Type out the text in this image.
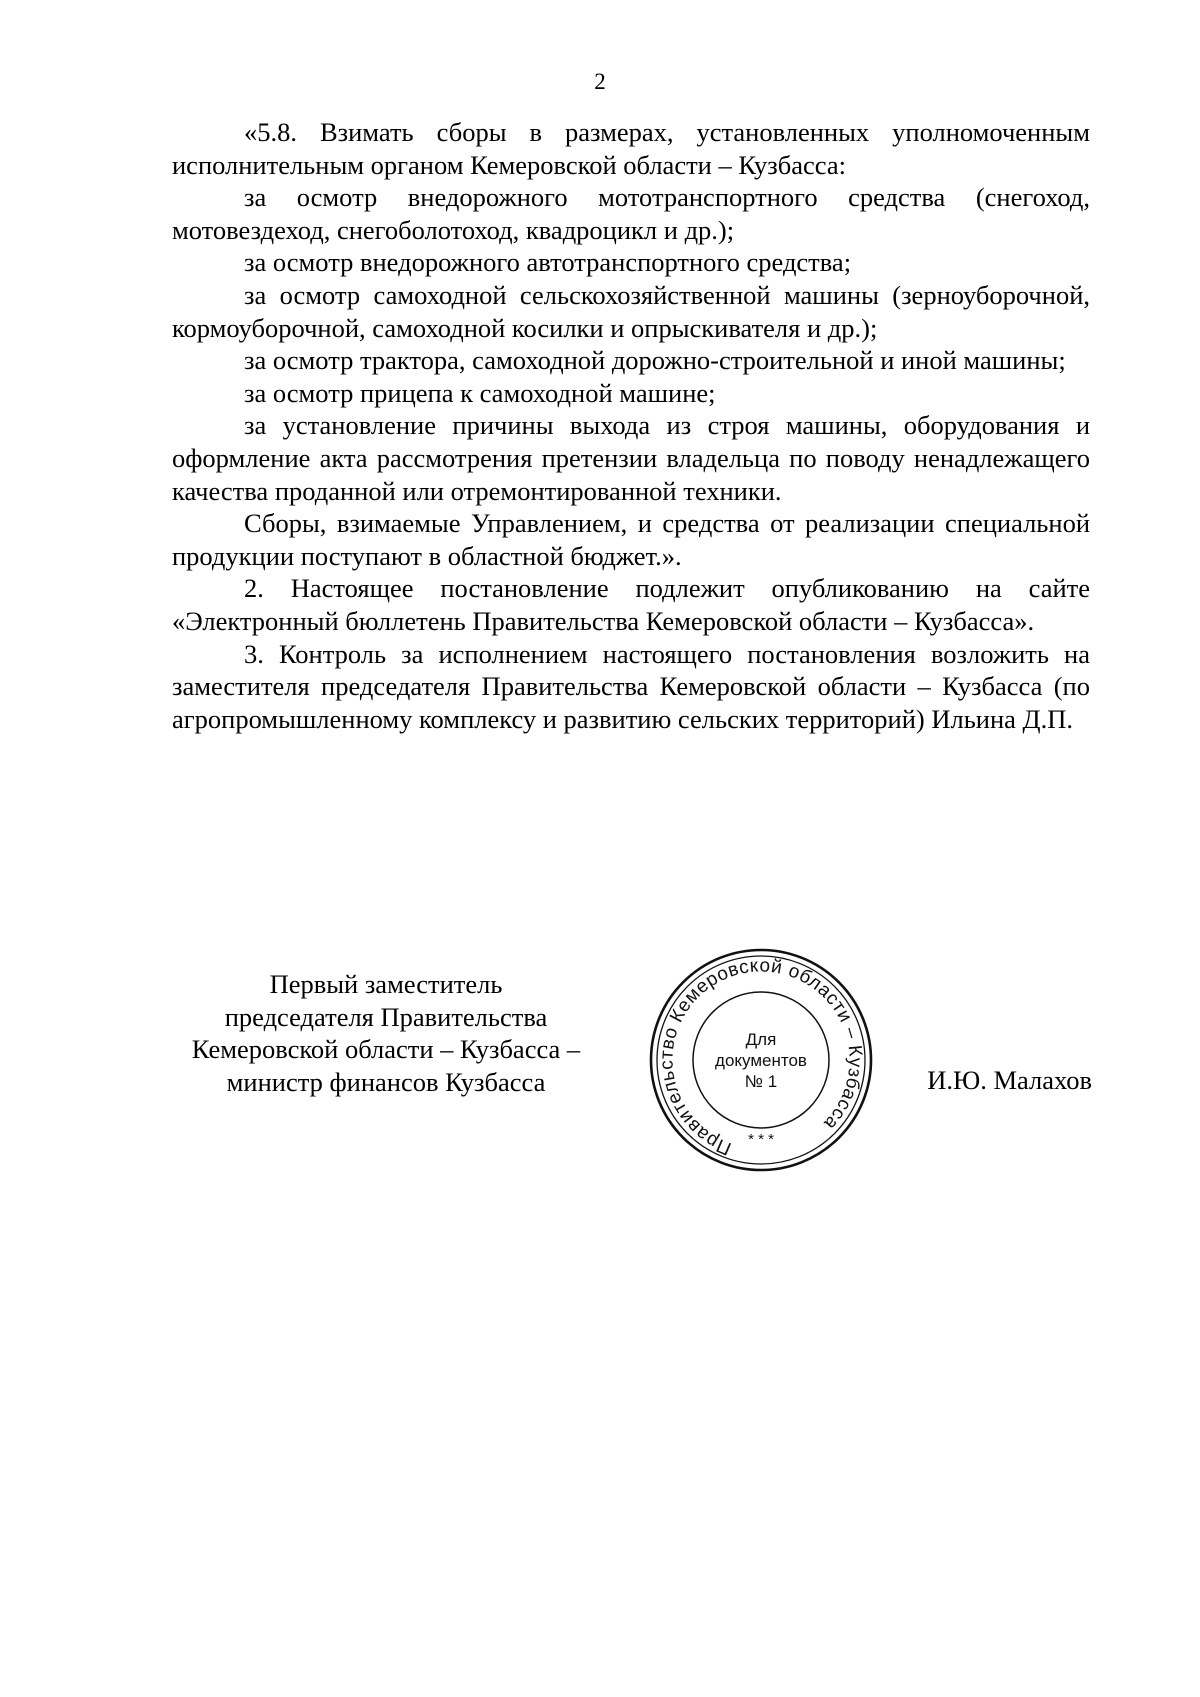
2

«5.8. Взимать сборы в размерах, установленных уполномоченным исполнительным органом Кемеровской области – Кузбасса:

за осмотр внедорожного мототранспортного средства (снегоход, мотовездеход, снегоболотоход, квадроцикл и др.);

за осмотр внедорожного автотранспортного средства;

за осмотр самоходной сельскохозяйственной машины (зерноуборочной, кормоуборочной, самоходной косилки и опрыскивателя и др.);

за осмотр трактора, самоходной дорожно-строительной и иной машины;

за осмотр прицепа к самоходной машине;

за установление причины выхода из строя машины, оборудования и оформление акта рассмотрения претензии владельца по поводу ненадлежащего качества проданной или отремонтированной техники.

Сборы, взимаемые Управлением, и средства от реализации специальной продукции поступают в областной бюджет.».

2. Настоящее постановление подлежит опубликованию на сайте «Электронный бюллетень Правительства Кемеровской области – Кузбасса».

3. Контроль за исполнением настоящего постановления возложить на заместителя председателя Правительства Кемеровской области – Кузбасса (по агропромышленному комплексу и развитию сельских территорий) Ильина Д.П.

Первый заместитель
председателя Правительства
Кемеровской области – Кузбасса –
министр финансов Кузбасса
Правительство Кемеровской области – Кузбасса
* * *
Для
документов
№ 1	И.Ю. Малахов
